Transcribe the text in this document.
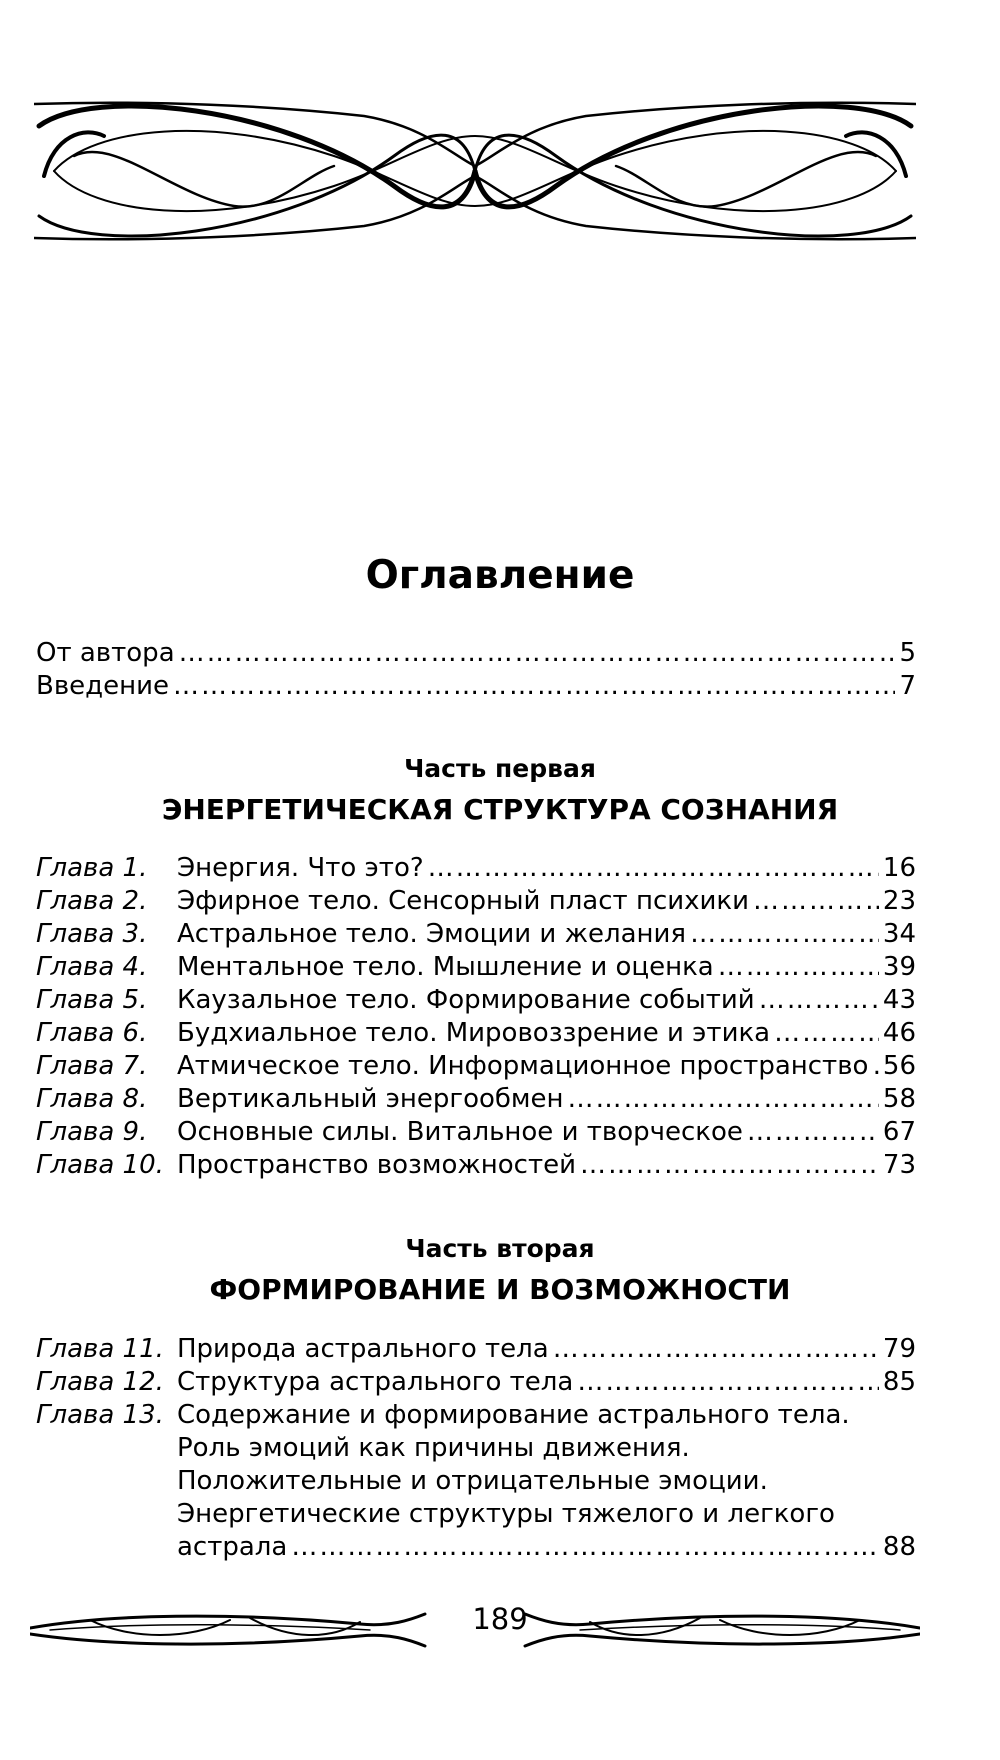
Оглавление
От автора ……………………………………………………………………………………………………………………………………………………	5
Введение ……………………………………………………………………………………………………………………………………………………	7
Часть первая
ЭНЕРГЕТИЧЕСКАЯ СТРУКТУРА СОЗНАНИЯ
Глава 1.	Энергия. Что это? ……………………………………………………………………………………………………………………………………………………	16
Глава 2.	Эфирное тело. Сенсорный пласт психики ……………………………………………………………………………………………………………………………………………………	23
Глава 3.	Астральное тело. Эмоции и желания ……………………………………………………………………………………………………………………………………………………	34
Глава 4.	Ментальное тело. Мышление и оценка ……………………………………………………………………………………………………………………………………………………	39
Глава 5.	Каузальное тело. Формирование событий ……………………………………………………………………………………………………………………………………………………	43
Глава 6.	Будхиальное тело. Мировоззрение и этика ……………………………………………………………………………………………………………………………………………………	46
Глава 7.	Атмическое тело. Информационное пространство …………………………………………………………………………………………………………………………………………………… 56
Глава 8.	Вертикальный энергообмен ……………………………………………………………………………………………………………………………………………………	58
Глава 9.	Основные силы. Витальное и творческое ……………………………………………………………………………………………………………………………………………………	67
Глава 10. Пространство возможностей ……………………………………………………………………………………………………………………………………………………	73
Часть вторая
ФОРМИРОВАНИЕ И ВОЗМОЖНОСТИ
Глава 11. Природа астрального тела ……………………………………………………………………………………………………………………………………………………	79
Глава 12. Структура астрального тела ……………………………………………………………………………………………………………………………………………………	85
Глава 13. Содержание и формирование астрального тела.
Роль эмоций как причины движения.
Положительные и отрицательные эмоции.
Энергетические структуры тяжелого и легкого
астрала ……………………………………………………………………………………………………………………………………………………	88
189
